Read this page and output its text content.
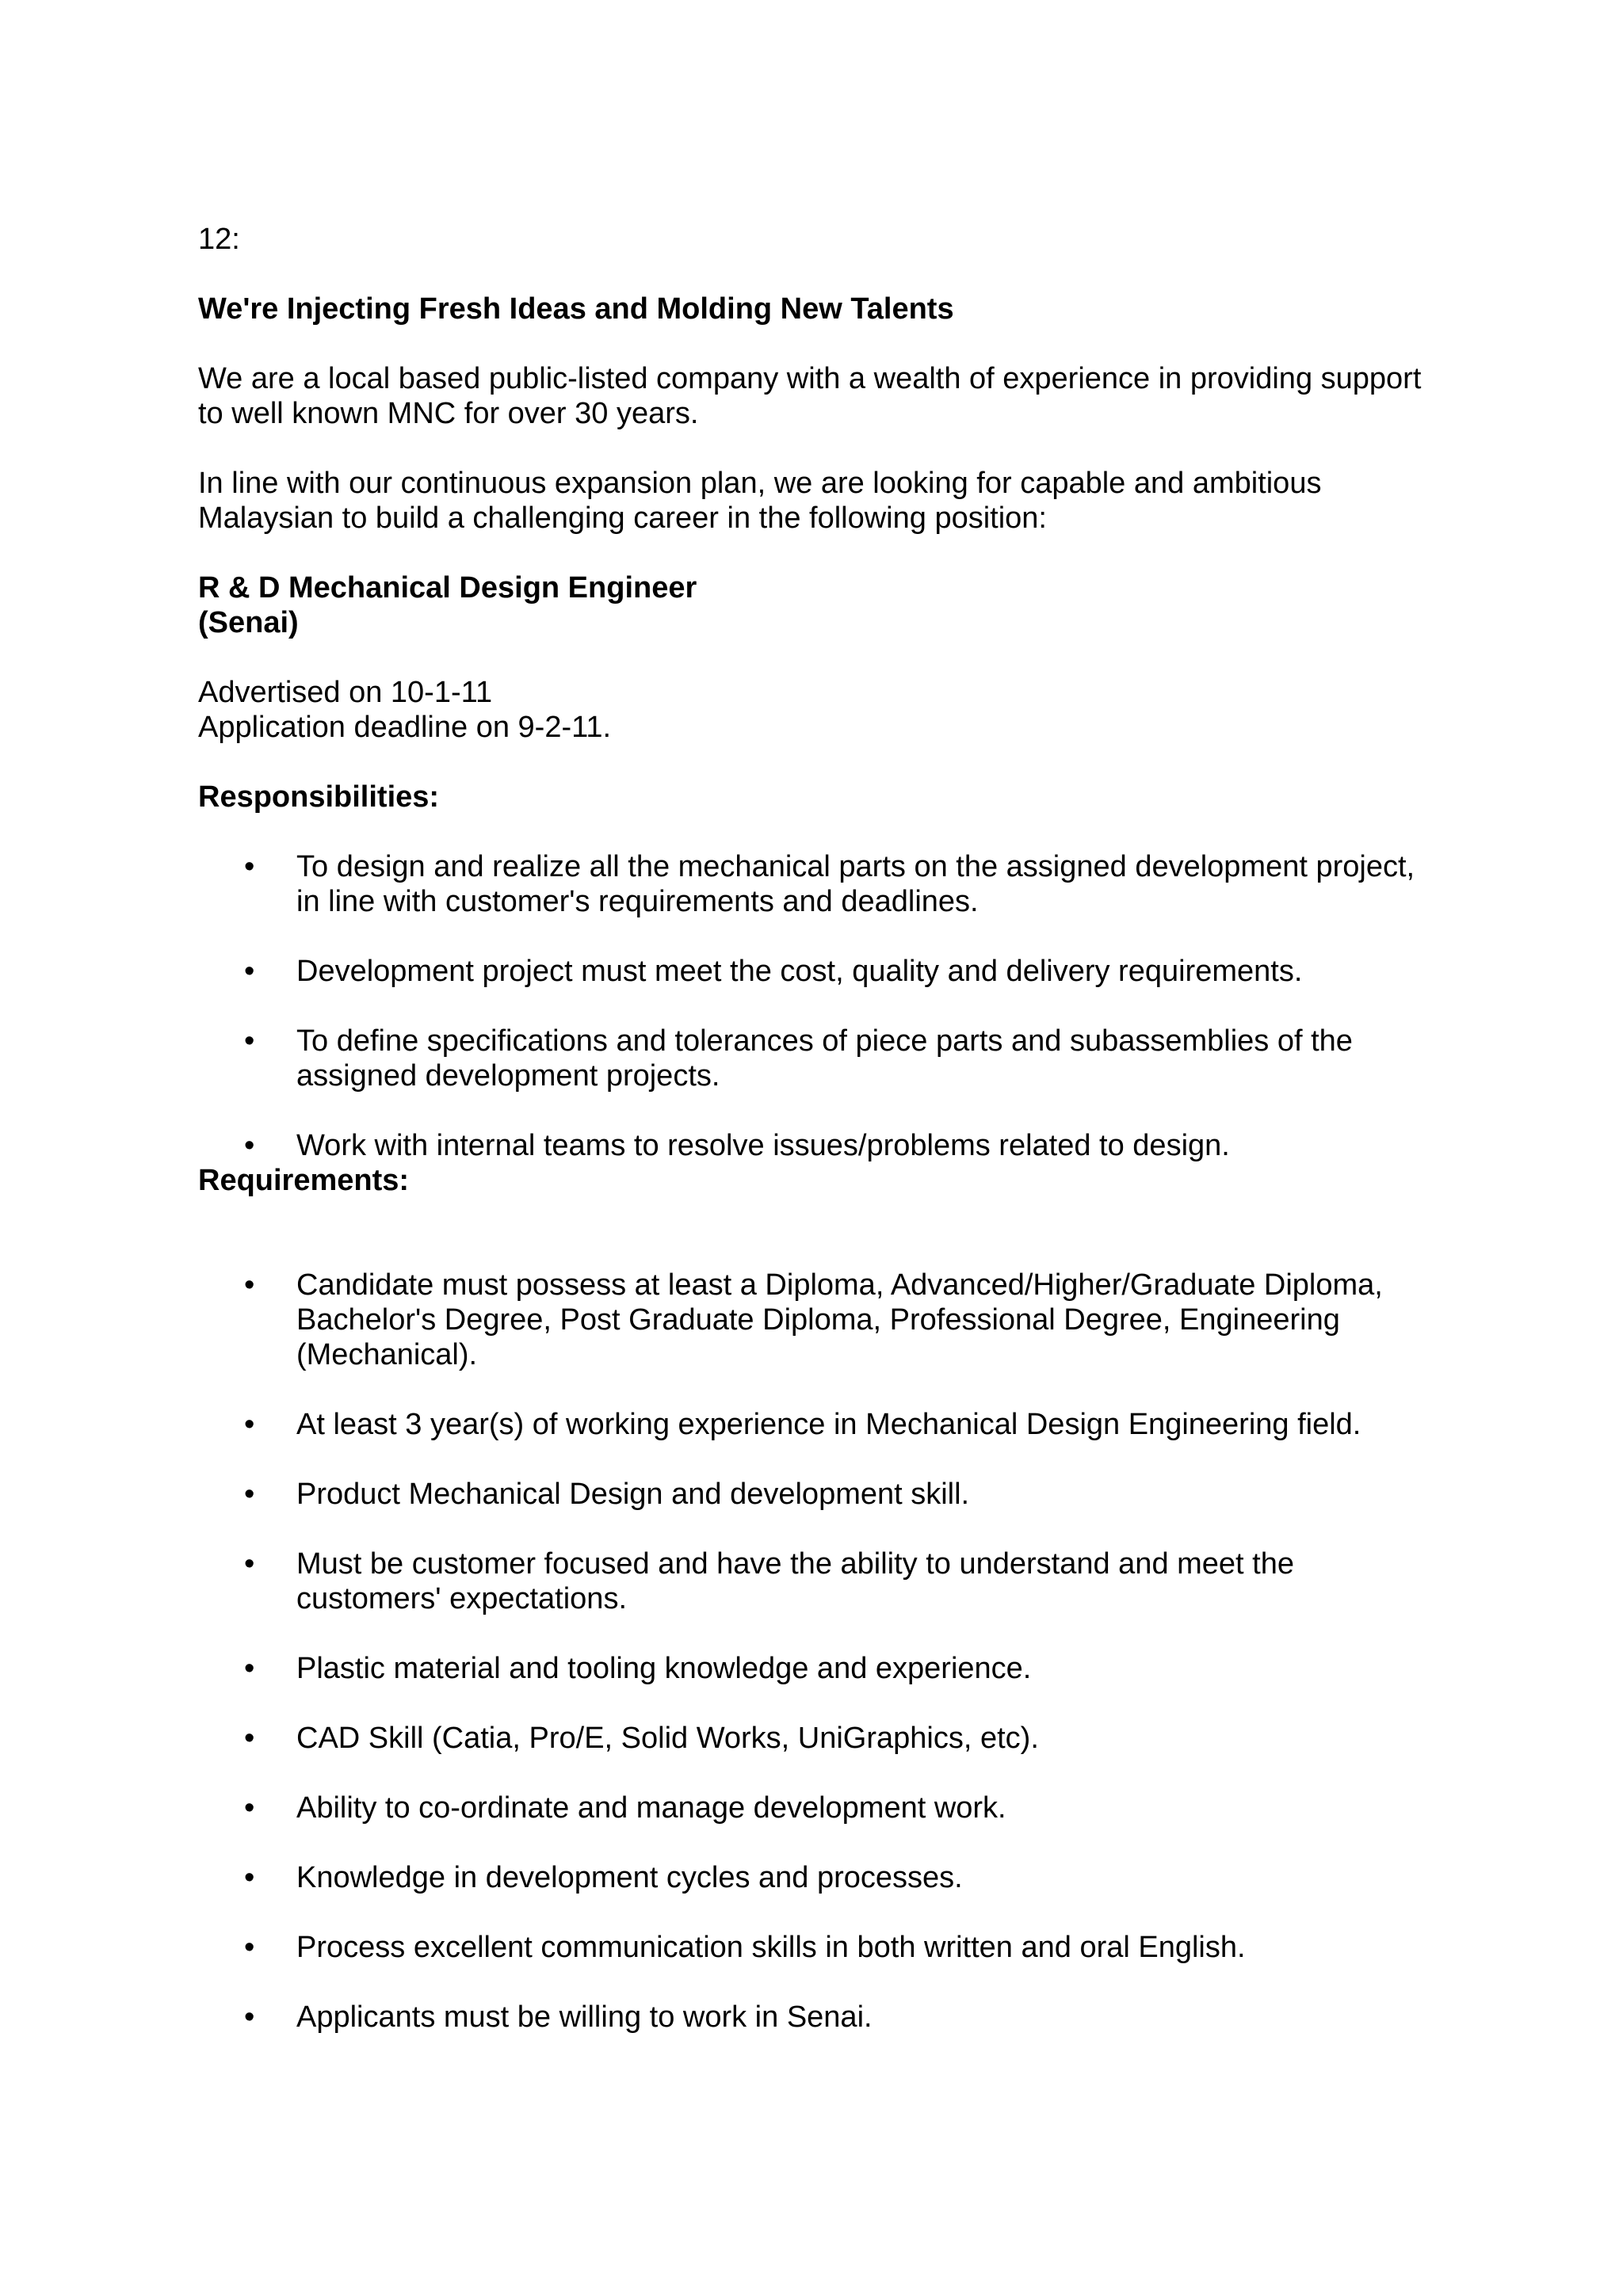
12:

We're Injecting Fresh Ideas and Molding New Talents

We are a local based public-listed company with a wealth of experience in providing support to well known MNC for over 30 years.

In line with our continuous expansion plan, we are looking for capable and ambitious Malaysian to build a challenging career in the following position:

R & D Mechanical Design Engineer

(Senai)

Advertised on 10-1-11

Application deadline on 9-2-11.

Responsibilities:

• To design and realize all the mechanical parts on the assigned development project, in line with customer's requirements and deadlines.
• Development project must meet the cost, quality and delivery requirements.
• To define specifications and tolerances of piece parts and subassemblies of the assigned development projects.
• Work with internal teams to resolve issues/problems related to design.

Requirements:

• Candidate must possess at least a Diploma, Advanced/Higher/Graduate Diploma, Bachelor's Degree, Post Graduate Diploma, Professional Degree, Engineering (Mechanical).
• At least 3 year(s) of working experience in Mechanical Design Engineering field.
• Product Mechanical Design and development skill.
• Must be customer focused and have the ability to understand and meet the customers' expectations.
• Plastic material and tooling knowledge and experience.
• CAD Skill (Catia, Pro/E, Solid Works, UniGraphics, etc).
• Ability to co-ordinate and manage development work.
• Knowledge in development cycles and processes.
• Process excellent communication skills in both written and oral English.
• Applicants must be willing to work in Senai.
